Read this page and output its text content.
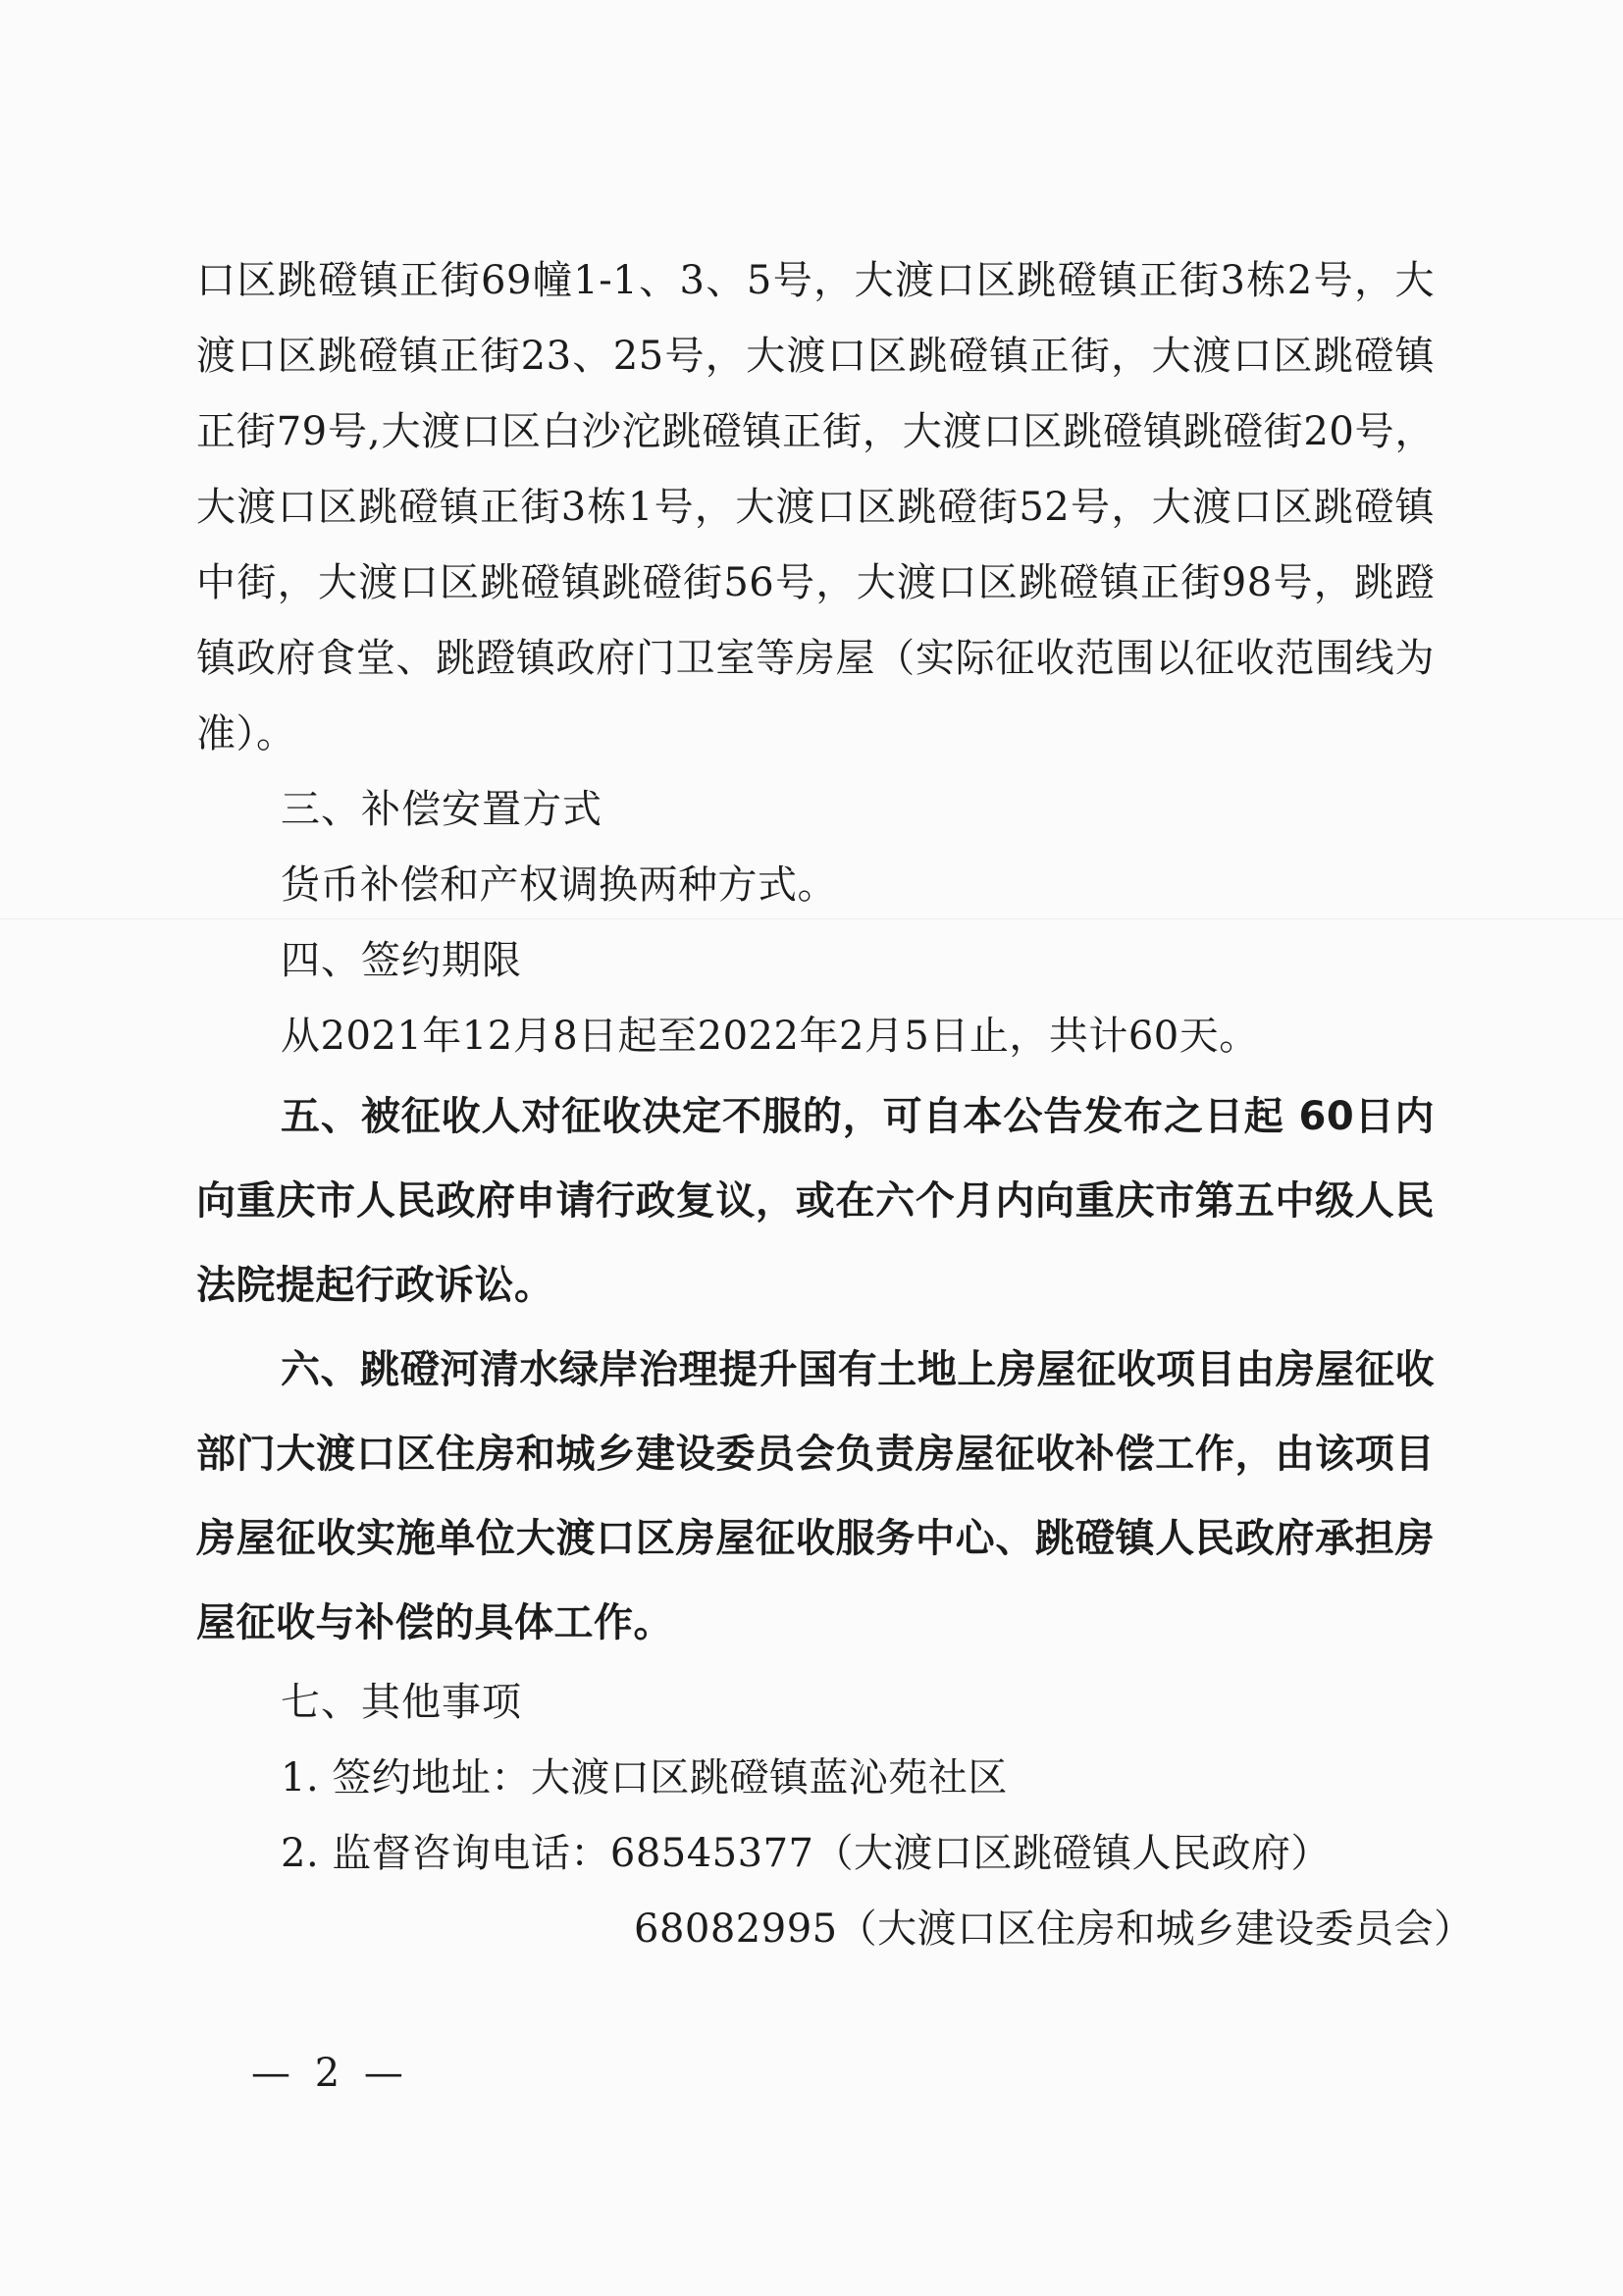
口区跳磴镇正街69幢1-1、3、5号，大渡口区跳磴镇正街3栋2号，大渡口区跳磴镇正街23、25号，大渡口区跳磴镇正街，大渡口区跳磴镇正街79号,大渡口区白沙沱跳磴镇正街，大渡口区跳磴镇跳磴街20号，大渡口区跳磴镇正街3栋1号，大渡口区跳磴街52号，大渡口区跳磴镇中街，大渡口区跳磴镇跳磴街56号，大渡口区跳磴镇正街98号，跳蹬镇政府食堂、跳蹬镇政府门卫室等房屋（实际征收范围以征收范围线为准）。

三、补偿安置方式

货币补偿和产权调换两种方式。

四、签约期限

从2021年12月8日起至2022年2月5日止，共计60天。

五、被征收人对征收决定不服的，可自本公告发布之日起 60日内向重庆市人民政府申请行政复议，或在六个月内向重庆市第五中级人民法院提起行政诉讼。

六、跳磴河清水绿岸治理提升国有土地上房屋征收项目由房屋征收部门大渡口区住房和城乡建设委员会负责房屋征收补偿工作，由该项目房屋征收实施单位大渡口区房屋征收服务中心、跳磴镇人民政府承担房屋征收与补偿的具体工作。

七、其他事项

1. 签约地址：大渡口区跳磴镇蓝沁苑社区

2. 监督咨询电话：68545377（大渡口区跳磴镇人民政府）

68082995（大渡口区住房和城乡建设委员会）

— 2 —
